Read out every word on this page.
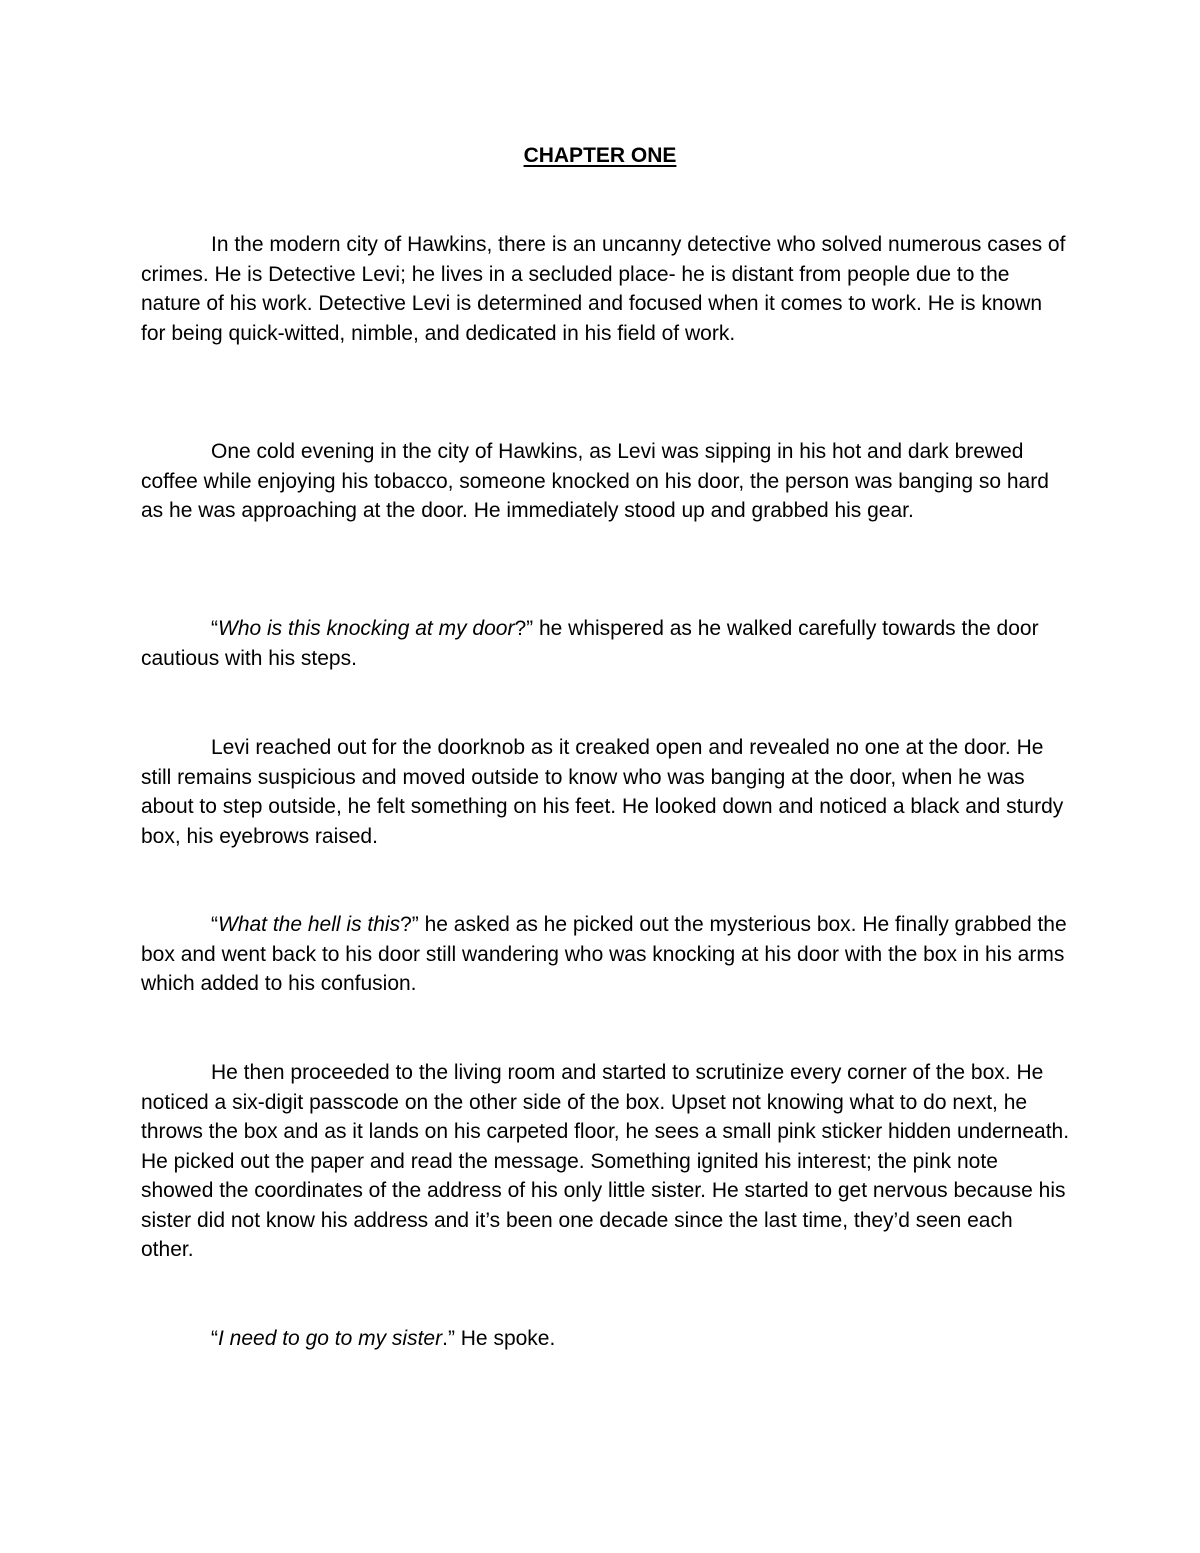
CHAPTER ONE

In the modern city of Hawkins, there is an uncanny detective who solved numerous cases of crimes. He is Detective Levi; he lives in a secluded place- he is distant from people due to the nature of his work. Detective Levi is determined and focused when it comes to work. He is known for being quick-witted, nimble, and dedicated in his field of work.

One cold evening in the city of Hawkins, as Levi was sipping in his hot and dark brewed coffee while enjoying his tobacco, someone knocked on his door, the person was banging so hard as he was approaching at the door. He immediately stood up and grabbed his gear.

“Who is this knocking at my door?” he whispered as he walked carefully towards the door cautious with his steps.

Levi reached out for the doorknob as it creaked open and revealed no one at the door. He still remains suspicious and moved outside to know who was banging at the door, when he was about to step outside, he felt something on his feet. He looked down and noticed a black and sturdy box, his eyebrows raised.

“What the hell is this?” he asked as he picked out the mysterious box. He finally grabbed the box and went back to his door still wandering who was knocking at his door with the box in his arms which added to his confusion.

He then proceeded to the living room and started to scrutinize every corner of the box. He noticed a six-digit passcode on the other side of the box. Upset not knowing what to do next, he throws the box and as it lands on his carpeted floor, he sees a small pink sticker hidden underneath. He picked out the paper and read the message. Something ignited his interest; the pink note showed the coordinates of the address of his only little sister. He started to get nervous because his sister did not know his address and it’s been one decade since the last time, they’d seen each other.

“I need to go to my sister.” He spoke.
